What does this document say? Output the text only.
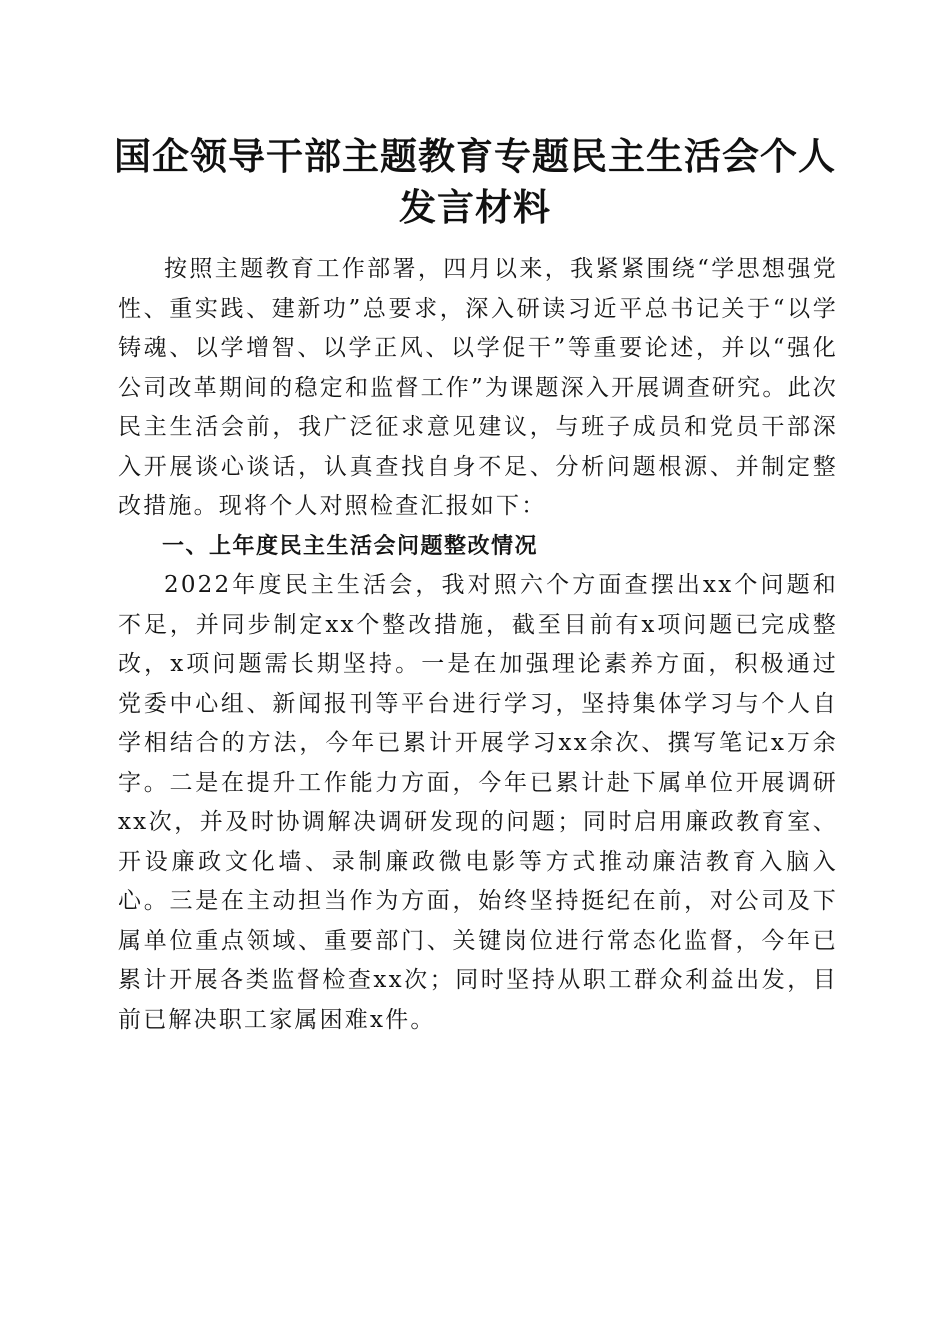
国企领导干部主题教育专题民主生活会个人发言材料

按照主题教育工作部署，四月以来，我紧紧围绕“学思想强党性、重实践、建新功”总要求，深入研读习近平总书记关于“以学铸魂、以学增智、以学正风、以学促干”等重要论述，并以“强化公司改革期间的稳定和监督工作”为课题深入开展调查研究。此次民主生活会前，我广泛征求意见建议，与班子成员和党员干部深入开展谈心谈话，认真查找自身不足、分析问题根源、并制定整改措施。现将个人对照检查汇报如下：

一、上年度民主生活会问题整改情况

2022年度民主生活会，我对照六个方面查摆出xx个问题和不足，并同步制定xx个整改措施，截至目前有x项问题已完成整改，x项问题需长期坚持。一是在加强理论素养方面，积极通过党委中心组、新闻报刊等平台进行学习，坚持集体学习与个人自学相结合的方法，今年已累计开展学习xx余次、撰写笔记x万余字。二是在提升工作能力方面，今年已累计赴下属单位开展调研xx次，并及时协调解决调研发现的问题；同时启用廉政教育室、开设廉政文化墙、录制廉政微电影等方式推动廉洁教育入脑入心。三是在主动担当作为方面，始终坚持挺纪在前，对公司及下属单位重点领域、重要部门、关键岗位进行常态化监督，今年已累计开展各类监督检查xx次；同时坚持从职工群众利益出发，目前已解决职工家属困难x件。
